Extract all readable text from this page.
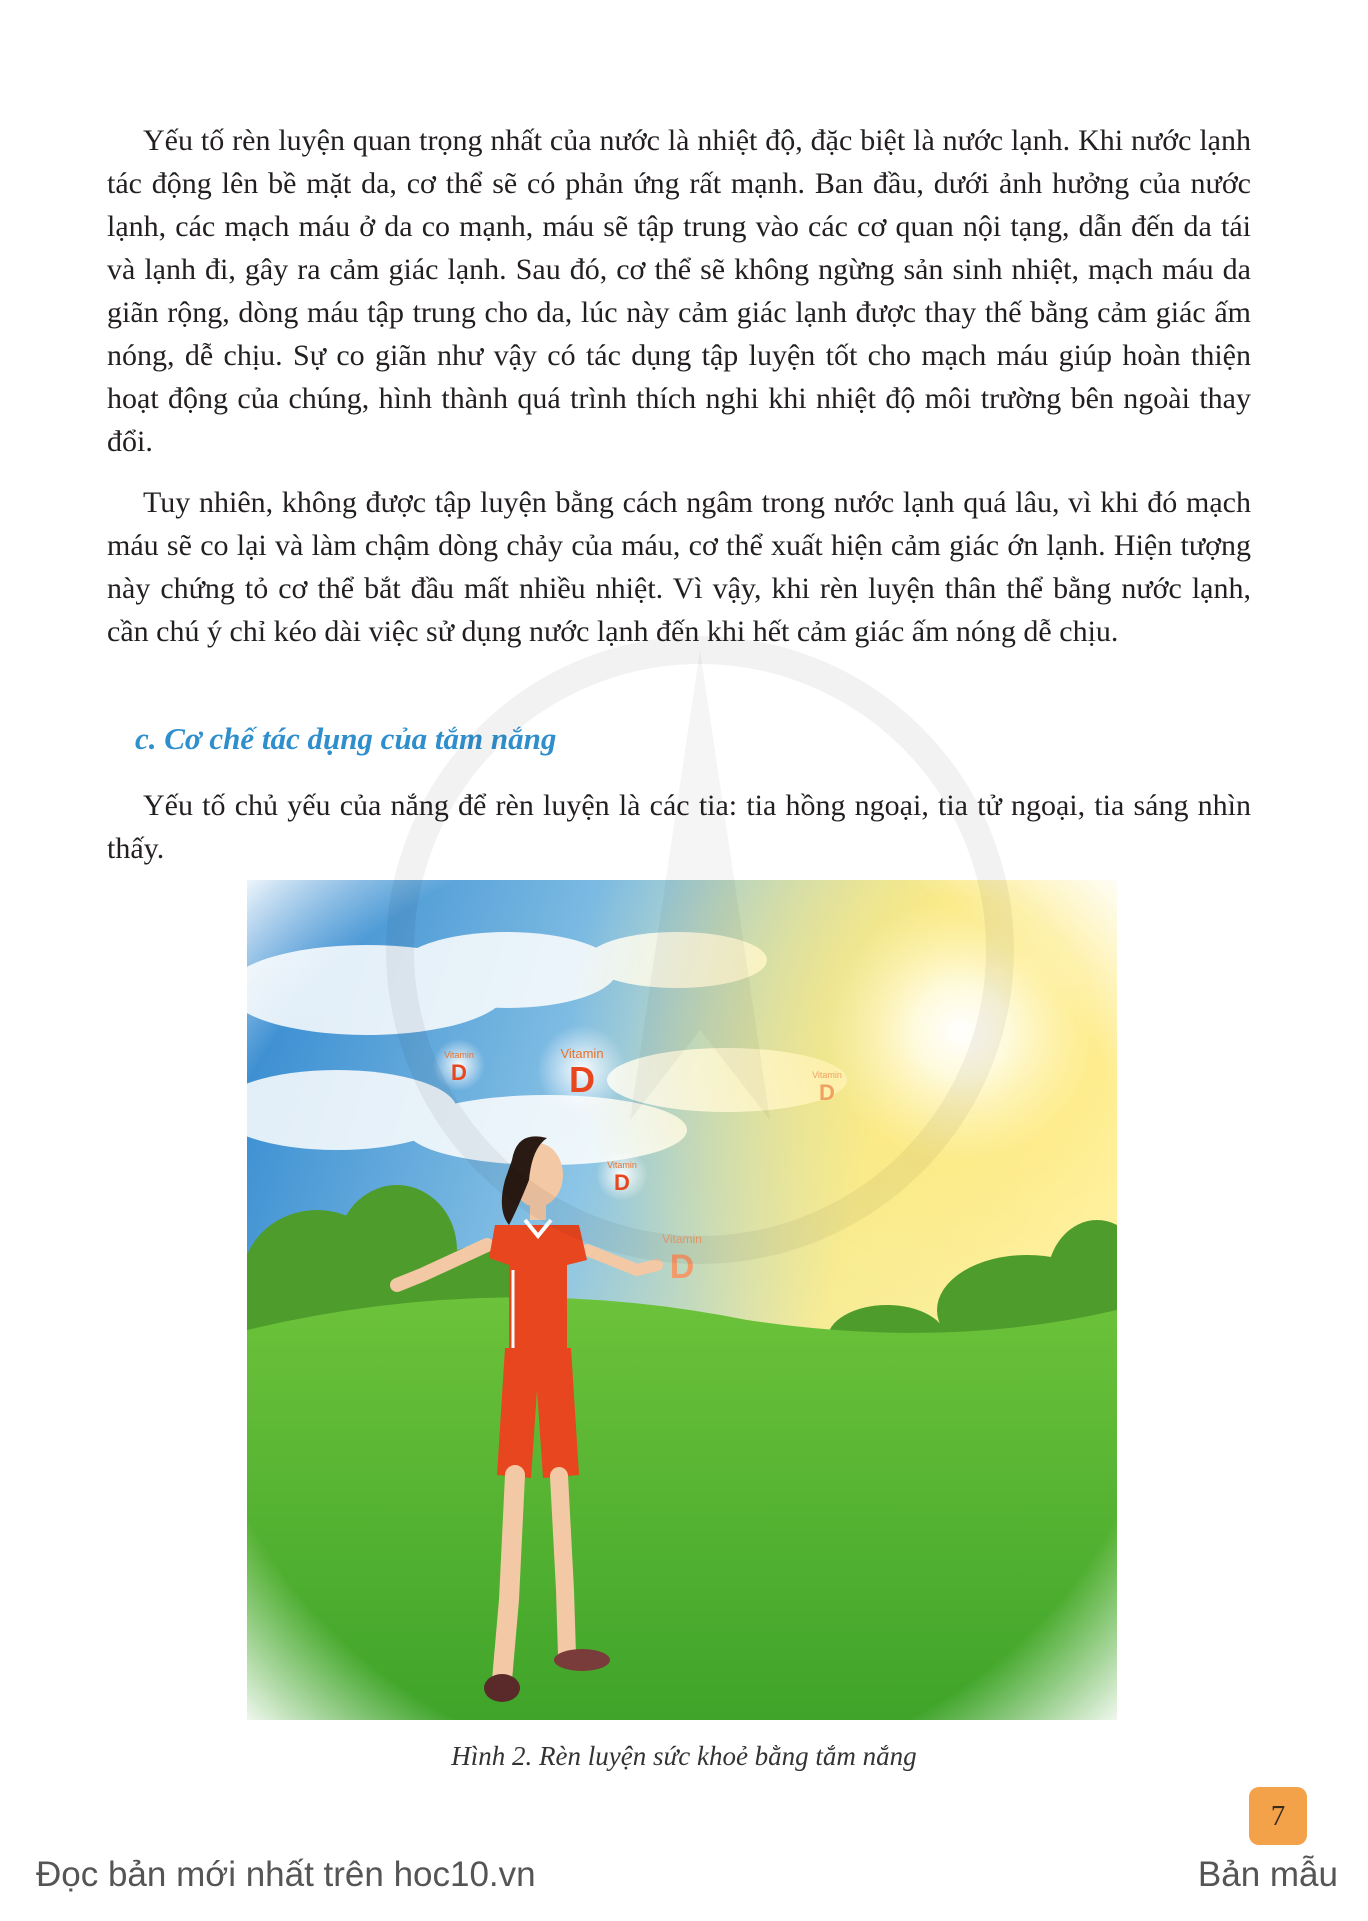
Yếu tố rèn luyện quan trọng nhất của nước là nhiệt độ, đặc biệt là nước lạnh. Khi nước lạnh tác động lên bề mặt da, cơ thể sẽ có phản ứng rất mạnh. Ban đầu, dưới ảnh hưởng của nước lạnh, các mạch máu ở da co mạnh, máu sẽ tập trung vào các cơ quan nội tạng, dẫn đến da tái và lạnh đi, gây ra cảm giác lạnh. Sau đó, cơ thể sẽ không ngừng sản sinh nhiệt, mạch máu da giãn rộng, dòng máu tập trung cho da, lúc này cảm giác lạnh được thay thế bằng cảm giác ấm nóng, dễ chịu. Sự co giãn như vậy có tác dụng tập luyện tốt cho mạch máu giúp hoàn thiện hoạt động của chúng, hình thành quá trình thích nghi khi nhiệt độ môi trường bên ngoài thay đổi.

Tuy nhiên, không được tập luyện bằng cách ngâm trong nước lạnh quá lâu, vì khi đó mạch máu sẽ co lại và làm chậm dòng chảy của máu, cơ thể xuất hiện cảm giác ớn lạnh. Hiện tượng này chứng tỏ cơ thể bắt đầu mất nhiều nhiệt. Vì vậy, khi rèn luyện thân thể bằng nước lạnh, cần chú ý chỉ kéo dài việc sử dụng nước lạnh đến khi hết cảm giác ấm nóng dễ chịu.

c. Cơ chế tác dụng của tắm nắng

Yếu tố chủ yếu của nắng để rèn luyện là các tia: tia hồng ngoại, tia tử ngoại, tia sáng nhìn thấy.

Hình 2. Rèn luyện sức khoẻ bằng tắm nắng

7
Đọc bản mới nhất trên hoc10.vn	Bản mẫu
